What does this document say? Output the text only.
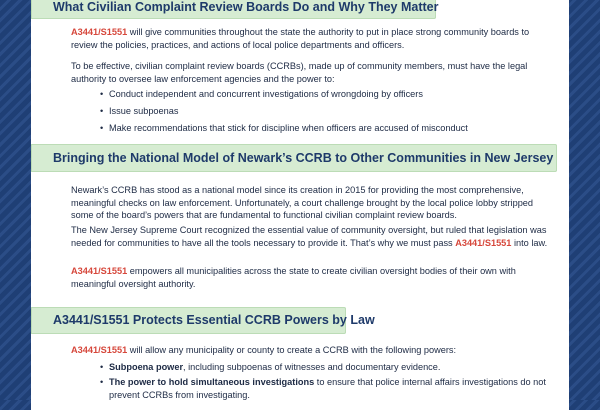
What Civilian Complaint Review Boards Do and Why They Matter
A3441/S1551 will give communities throughout the state the authority to put in place strong community boards to review the policies, practices, and actions of local police departments and officers.
To be effective, civilian complaint review boards (CCRBs), made up of community members, must have the legal authority to oversee law enforcement agencies and the power to:
• Conduct independent and concurrent investigations of wrongdoing by officers
• Issue subpoenas
• Make recommendations that stick for discipline when officers are accused of misconduct
Bringing the National Model of Newark’s CCRB to Other Communities in New Jersey
Newark’s CCRB has stood as a national model since its creation in 2015 for providing the most comprehensive, meaningful checks on law enforcement. Unfortunately, a court challenge brought by the local police lobby stripped some of the board’s powers that are fundamental to functional civilian complaint review boards.
The New Jersey Supreme Court recognized the essential value of community oversight, but ruled that legislation was needed for communities to have all the tools necessary to provide it. That’s why we must pass A3441/S1551 into law.
A3441/S1551 empowers all municipalities across the state to create civilian oversight bodies of their own with meaningful oversight authority.
A3441/S1551 Protects Essential CCRB Powers by Law
A3441/S1551 will allow any municipality or county to create a CCRB with the following powers:
• Subpoena power, including subpoenas of witnesses and documentary evidence.
• The power to hold simultaneous investigations to ensure that police internal affairs investigations do not prevent CCRBs from investigating.
